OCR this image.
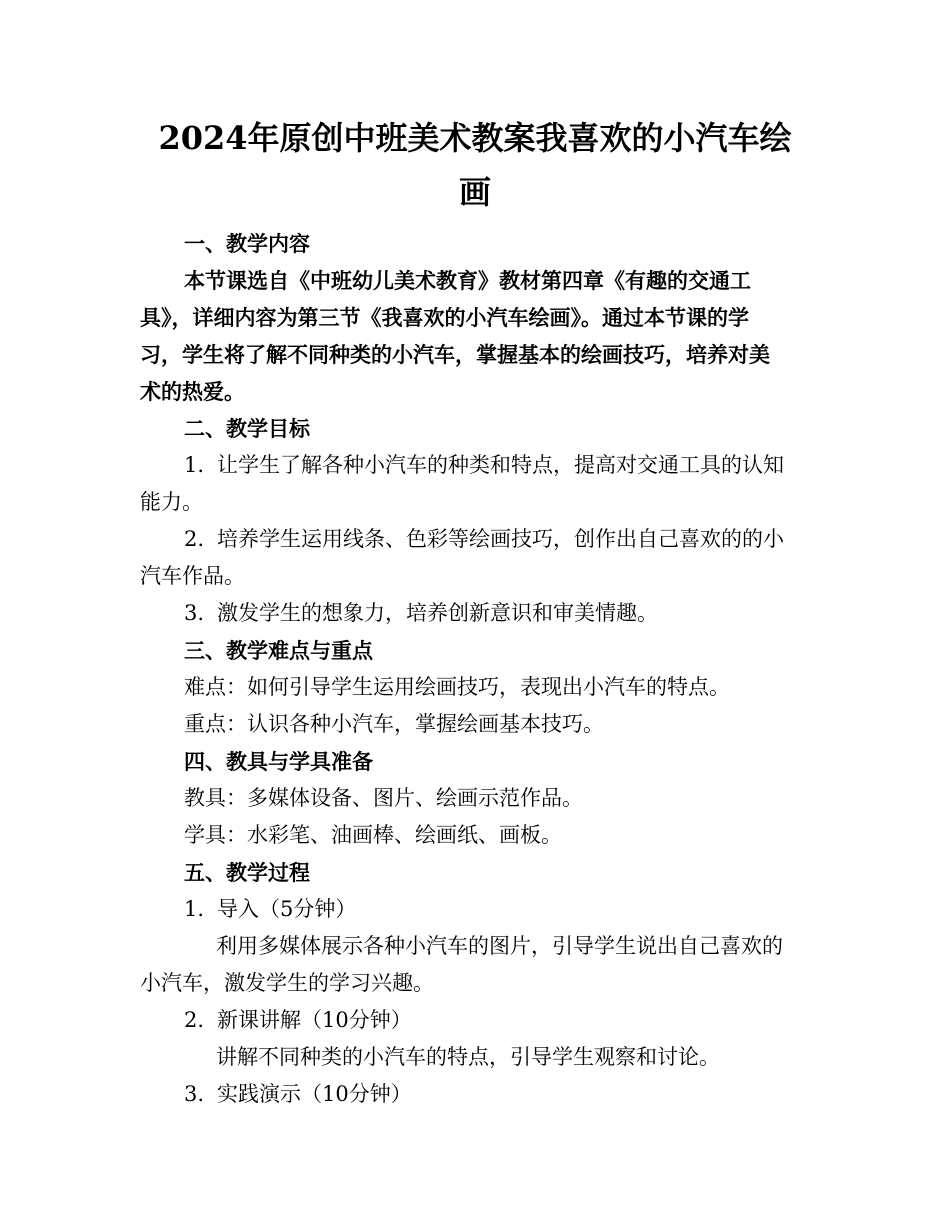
2024年原创中班美术教案我喜欢的小汽车绘
画

一、教学内容

本节课选自《中班幼儿美术教育》教材第四章《有趣的交通工

具》，详细内容为第三节《我喜欢的小汽车绘画》。通过本节课的学

习，学生将了解不同种类的小汽车，掌握基本的绘画技巧，培养对美

术的热爱。

二、教学目标

1. 让学生了解各种小汽车的种类和特点，提高对交通工具的认知

能力。

2. 培养学生运用线条、色彩等绘画技巧，创作出自己喜欢的的小

汽车作品。

3. 激发学生的想象力，培养创新意识和审美情趣。

三、教学难点与重点

难点：如何引导学生运用绘画技巧，表现出小汽车的特点。

重点：认识各种小汽车，掌握绘画基本技巧。

四、教具与学具准备

教具：多媒体设备、图片、绘画示范作品。

学具：水彩笔、油画棒、绘画纸、画板。

五、教学过程

1. 导入（5分钟）

利用多媒体展示各种小汽车的图片，引导学生说出自己喜欢的

小汽车，激发学生的学习兴趣。

2. 新课讲解（10分钟）

讲解不同种类的小汽车的特点，引导学生观察和讨论。

3. 实践演示（10分钟）
